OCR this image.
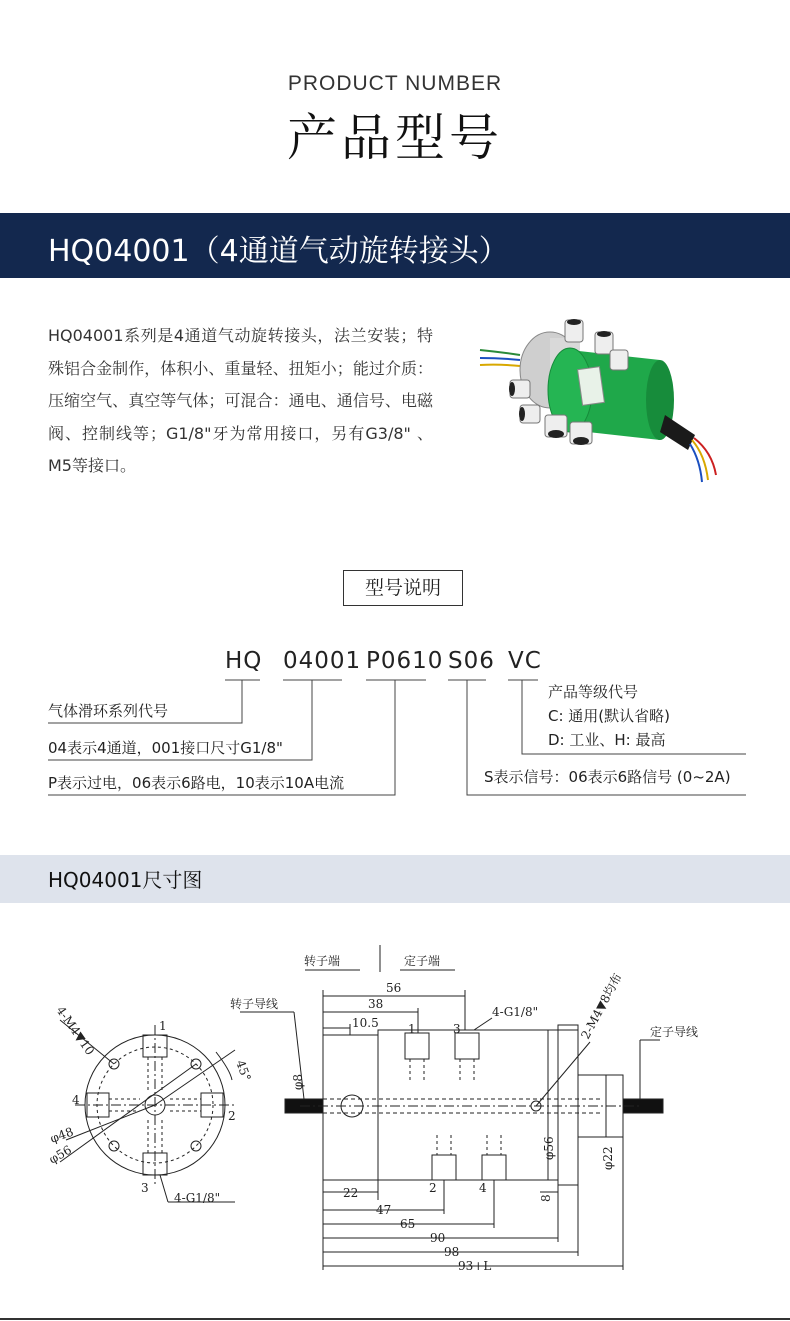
PRODUCT NUMBER
产品型号
HQ04001（4通道气动旋转接头）
HQ04001系列是4通道气动旋转接头，法兰安装；特殊铝合金制作，体积小、重量轻、扭矩小；能过介质：压缩空气、真空等气体；可混合：通电、通信号、电磁阀、控制线等；G1/8"牙为常用接口，另有G3/8" 、M5等接口。
型号说明
HQ 04001 P0610 S06 VC
气体滑环系列代号
04表示4通道，001接口尺寸G1/8"
P表示过电，06表示6路电，10表示10A电流	S表示信号：06表示6路信号 (0~2A)
产品等级代号
C: 通用(默认省略)
D: 工业、H: 最高
HQ04001尺寸图
转子端	定子端
转子导线
定子导线
56
38
10.5
4-G1/8"
4-G1/8"
2-M4▼8均布
4-M4▼10
φ8
φ56	φ22
φ48
φ56
45°
22
47
65
90
98
93+L
8
1
2
3
4
1	3
2	4
